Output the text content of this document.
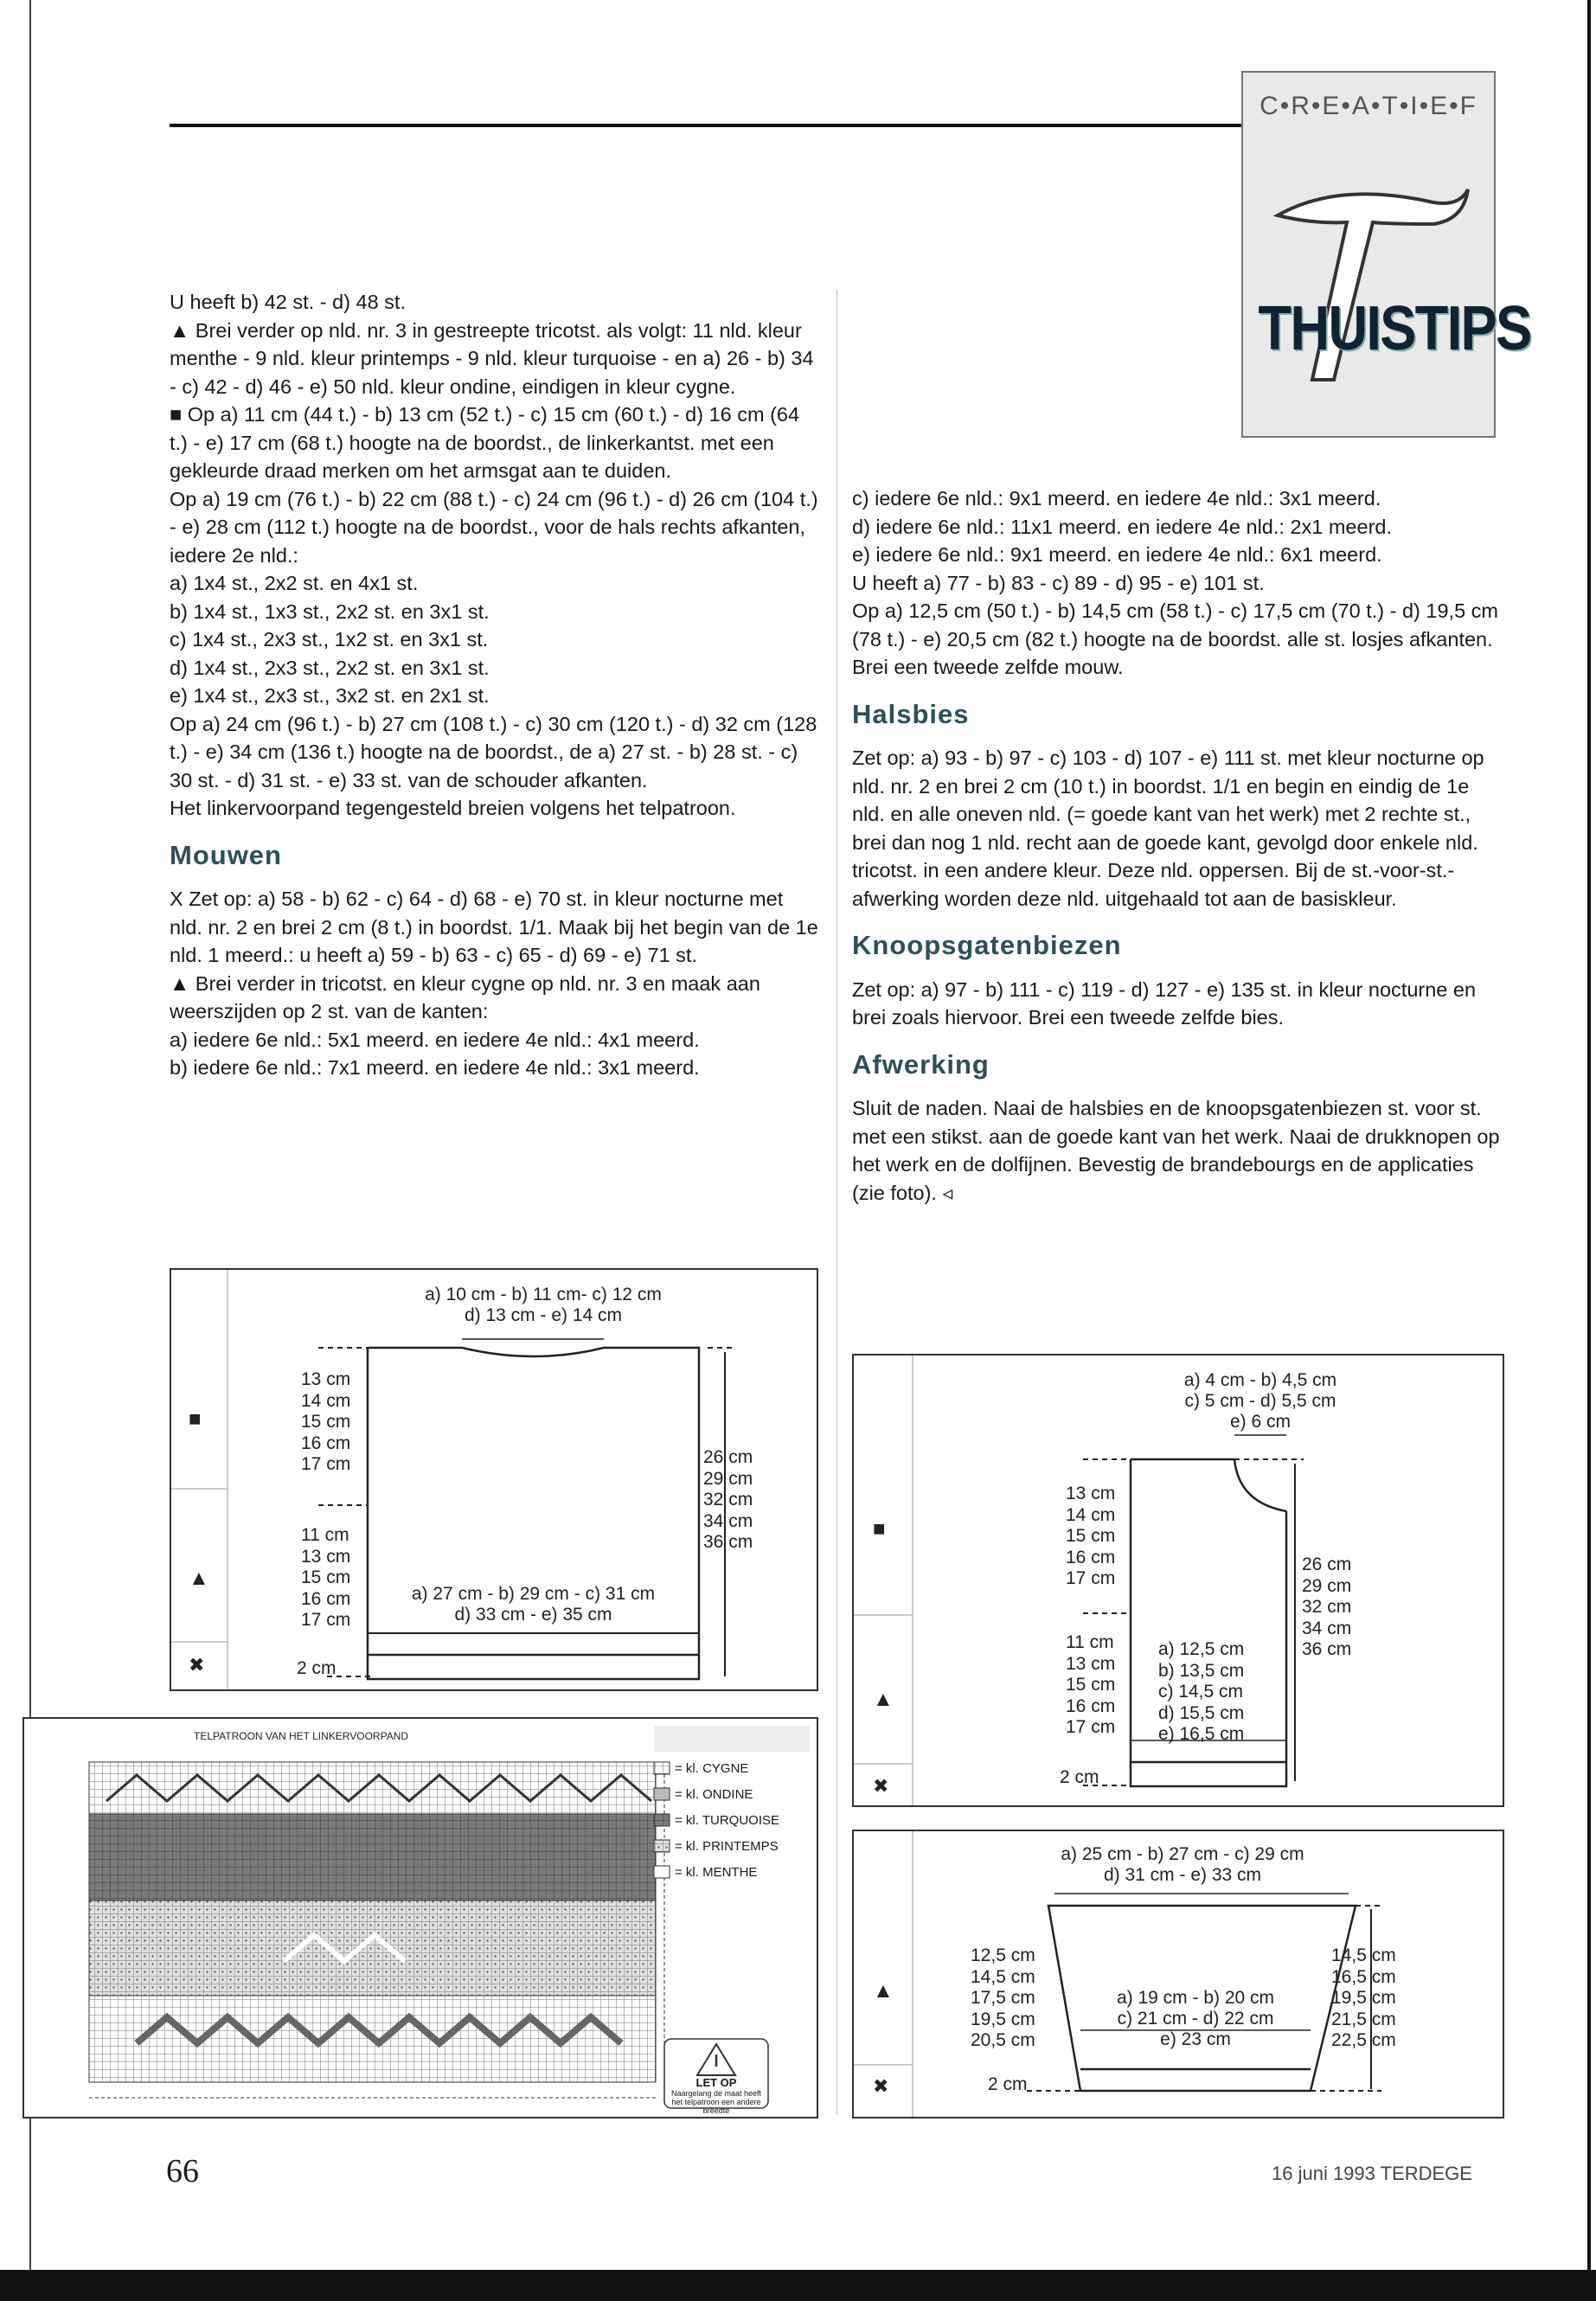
C•R•E•A•T•I•E•F
THUISTIPS

U heeft b) 42 st. - d) 48 st.

▲ Brei verder op nld. nr. 3 in gestreepte tricotst. als volgt: 11 nld. kleur menthe - 9 nld. kleur printemps - 9 nld. kleur turquoise - en a) 26 - b) 34 - c) 42 - d) 46 - e) 50 nld. kleur ondine, eindigen in kleur cygne.

■ Op a) 11 cm (44 t.) - b) 13 cm (52 t.) - c) 15 cm (60 t.) - d) 16 cm (64 t.) - e) 17 cm (68 t.) hoogte na de boordst., de linkerkantst. met een gekleurde draad merken om het armsgat aan te duiden.

Op a) 19 cm (76 t.) - b) 22 cm (88 t.) - c) 24 cm (96 t.) - d) 26 cm (104 t.) - e) 28 cm (112 t.) hoogte na de boordst., voor de hals rechts afkanten, iedere 2e nld.:

a) 1x4 st., 2x2 st. en 4x1 st.

b) 1x4 st., 1x3 st., 2x2 st. en 3x1 st.

c) 1x4 st., 2x3 st., 1x2 st. en 3x1 st.

d) 1x4 st., 2x3 st., 2x2 st. en 3x1 st.

e) 1x4 st., 2x3 st., 3x2 st. en 2x1 st.

Op a) 24 cm (96 t.) - b) 27 cm (108 t.) - c) 30 cm (120 t.) - d) 32 cm (128 t.) - e) 34 cm (136 t.) hoogte na de boordst., de a) 27 st. - b) 28 st. - c) 30 st. - d) 31 st. - e) 33 st. van de schouder afkanten.

Het linkervoorpand tegengesteld breien volgens het telpatroon.

Mouwen

X Zet op: a) 58 - b) 62 - c) 64 - d) 68 - e) 70 st. in kleur nocturne met nld. nr. 2 en brei 2 cm (8 t.) in boordst. 1/1. Maak bij het begin van de 1e nld. 1 meerd.: u heeft a) 59 - b) 63 - c) 65 - d) 69 - e) 71 st.

▲ Brei verder in tricotst. en kleur cygne op nld. nr. 3 en maak aan weerszijden op 2 st. van de kanten:

a) iedere 6e nld.: 5x1 meerd. en iedere 4e nld.: 4x1 meerd.

b) iedere 6e nld.: 7x1 meerd. en iedere 4e nld.: 3x1 meerd.

c) iedere 6e nld.: 9x1 meerd. en iedere 4e nld.: 3x1 meerd.

d) iedere 6e nld.: 11x1 meerd. en iedere 4e nld.: 2x1 meerd.

e) iedere 6e nld.: 9x1 meerd. en iedere 4e nld.: 6x1 meerd.

U heeft a) 77 - b) 83 - c) 89 - d) 95 - e) 101 st.

Op a) 12,5 cm (50 t.) - b) 14,5 cm (58 t.) - c) 17,5 cm (70 t.) - d) 19,5 cm (78 t.) - e) 20,5 cm (82 t.) hoogte na de boordst. alle st. losjes afkanten. Brei een tweede zelfde mouw.

Halsbies

Zet op: a) 93 - b) 97 - c) 103 - d) 107 - e) 111 st. met kleur nocturne op nld. nr. 2 en brei 2 cm (10 t.) in boordst. 1/1 en begin en eindig de 1e nld. en alle oneven nld. (= goede kant van het werk) met 2 rechte st., brei dan nog 1 nld. recht aan de goede kant, gevolgd door enkele nld. tricotst. in een andere kleur. Deze nld. oppersen. Bij de st.-voor-st.-afwerking worden deze nld. uitgehaald tot aan de basiskleur.

Knoopsgatenbiezen

Zet op: a) 97 - b) 111 - c) 119 - d) 127 - e) 135 st. in kleur nocturne en brei zoals hiervoor. Brei een tweede zelfde bies.

Afwerking

Sluit de naden. Naai de halsbies en de knoopsgatenbiezen st. voor st. met een stikst. aan de goede kant van het werk. Naai de drukknopen op het werk en de dolfijnen. Bevestig de brandebourgs en de applicaties (zie foto). ◃

a) 10 cm - b) 11 cm- c) 12 cm
d) 13 cm - e) 14 cm
13 cm
14 cm
15 cm
16 cm
17 cm
11 cm
13 cm
15 cm
16 cm
17 cm
26 cm
29 cm
32 cm
34 cm
36 cm
a) 27 cm - b) 29 cm - c) 31 cm
d) 33 cm - e) 35 cm
2 cm
■
▲
✖
TELPATROON VAN HET LINKERVOORPAND
= kl. CYGNE
= kl. ONDINE
= kl. TURQUOISE
= kl. PRINTEMPS
= kl. MENTHE
LET OP
Naargelang de maat heeft het telpatroon een andere breedte
a) 4 cm - b) 4,5 cm
c) 5 cm - d) 5,5 cm
e) 6 cm
13 cm
14 cm
15 cm
16 cm
17 cm
11 cm
13 cm
15 cm
16 cm
17 cm
a) 12,5 cm
b) 13,5 cm
c) 14,5 cm
d) 15,5 cm
e) 16,5 cm
26 cm
29 cm
32 cm
34 cm
36 cm
2 cm
■
▲
✖
a) 25 cm - b) 27 cm - c) 29 cm
d) 31 cm - e) 33 cm
12,5 cm
14,5 cm
17,5 cm
19,5 cm
20,5 cm
14,5 cm
16,5 cm
19,5 cm
21,5 cm
22,5 cm
a) 19 cm - b) 20 cm
c) 21 cm - d) 22 cm
e) 23 cm
2 cm
▲
✖
66	16 juni 1993 TERDEGE
